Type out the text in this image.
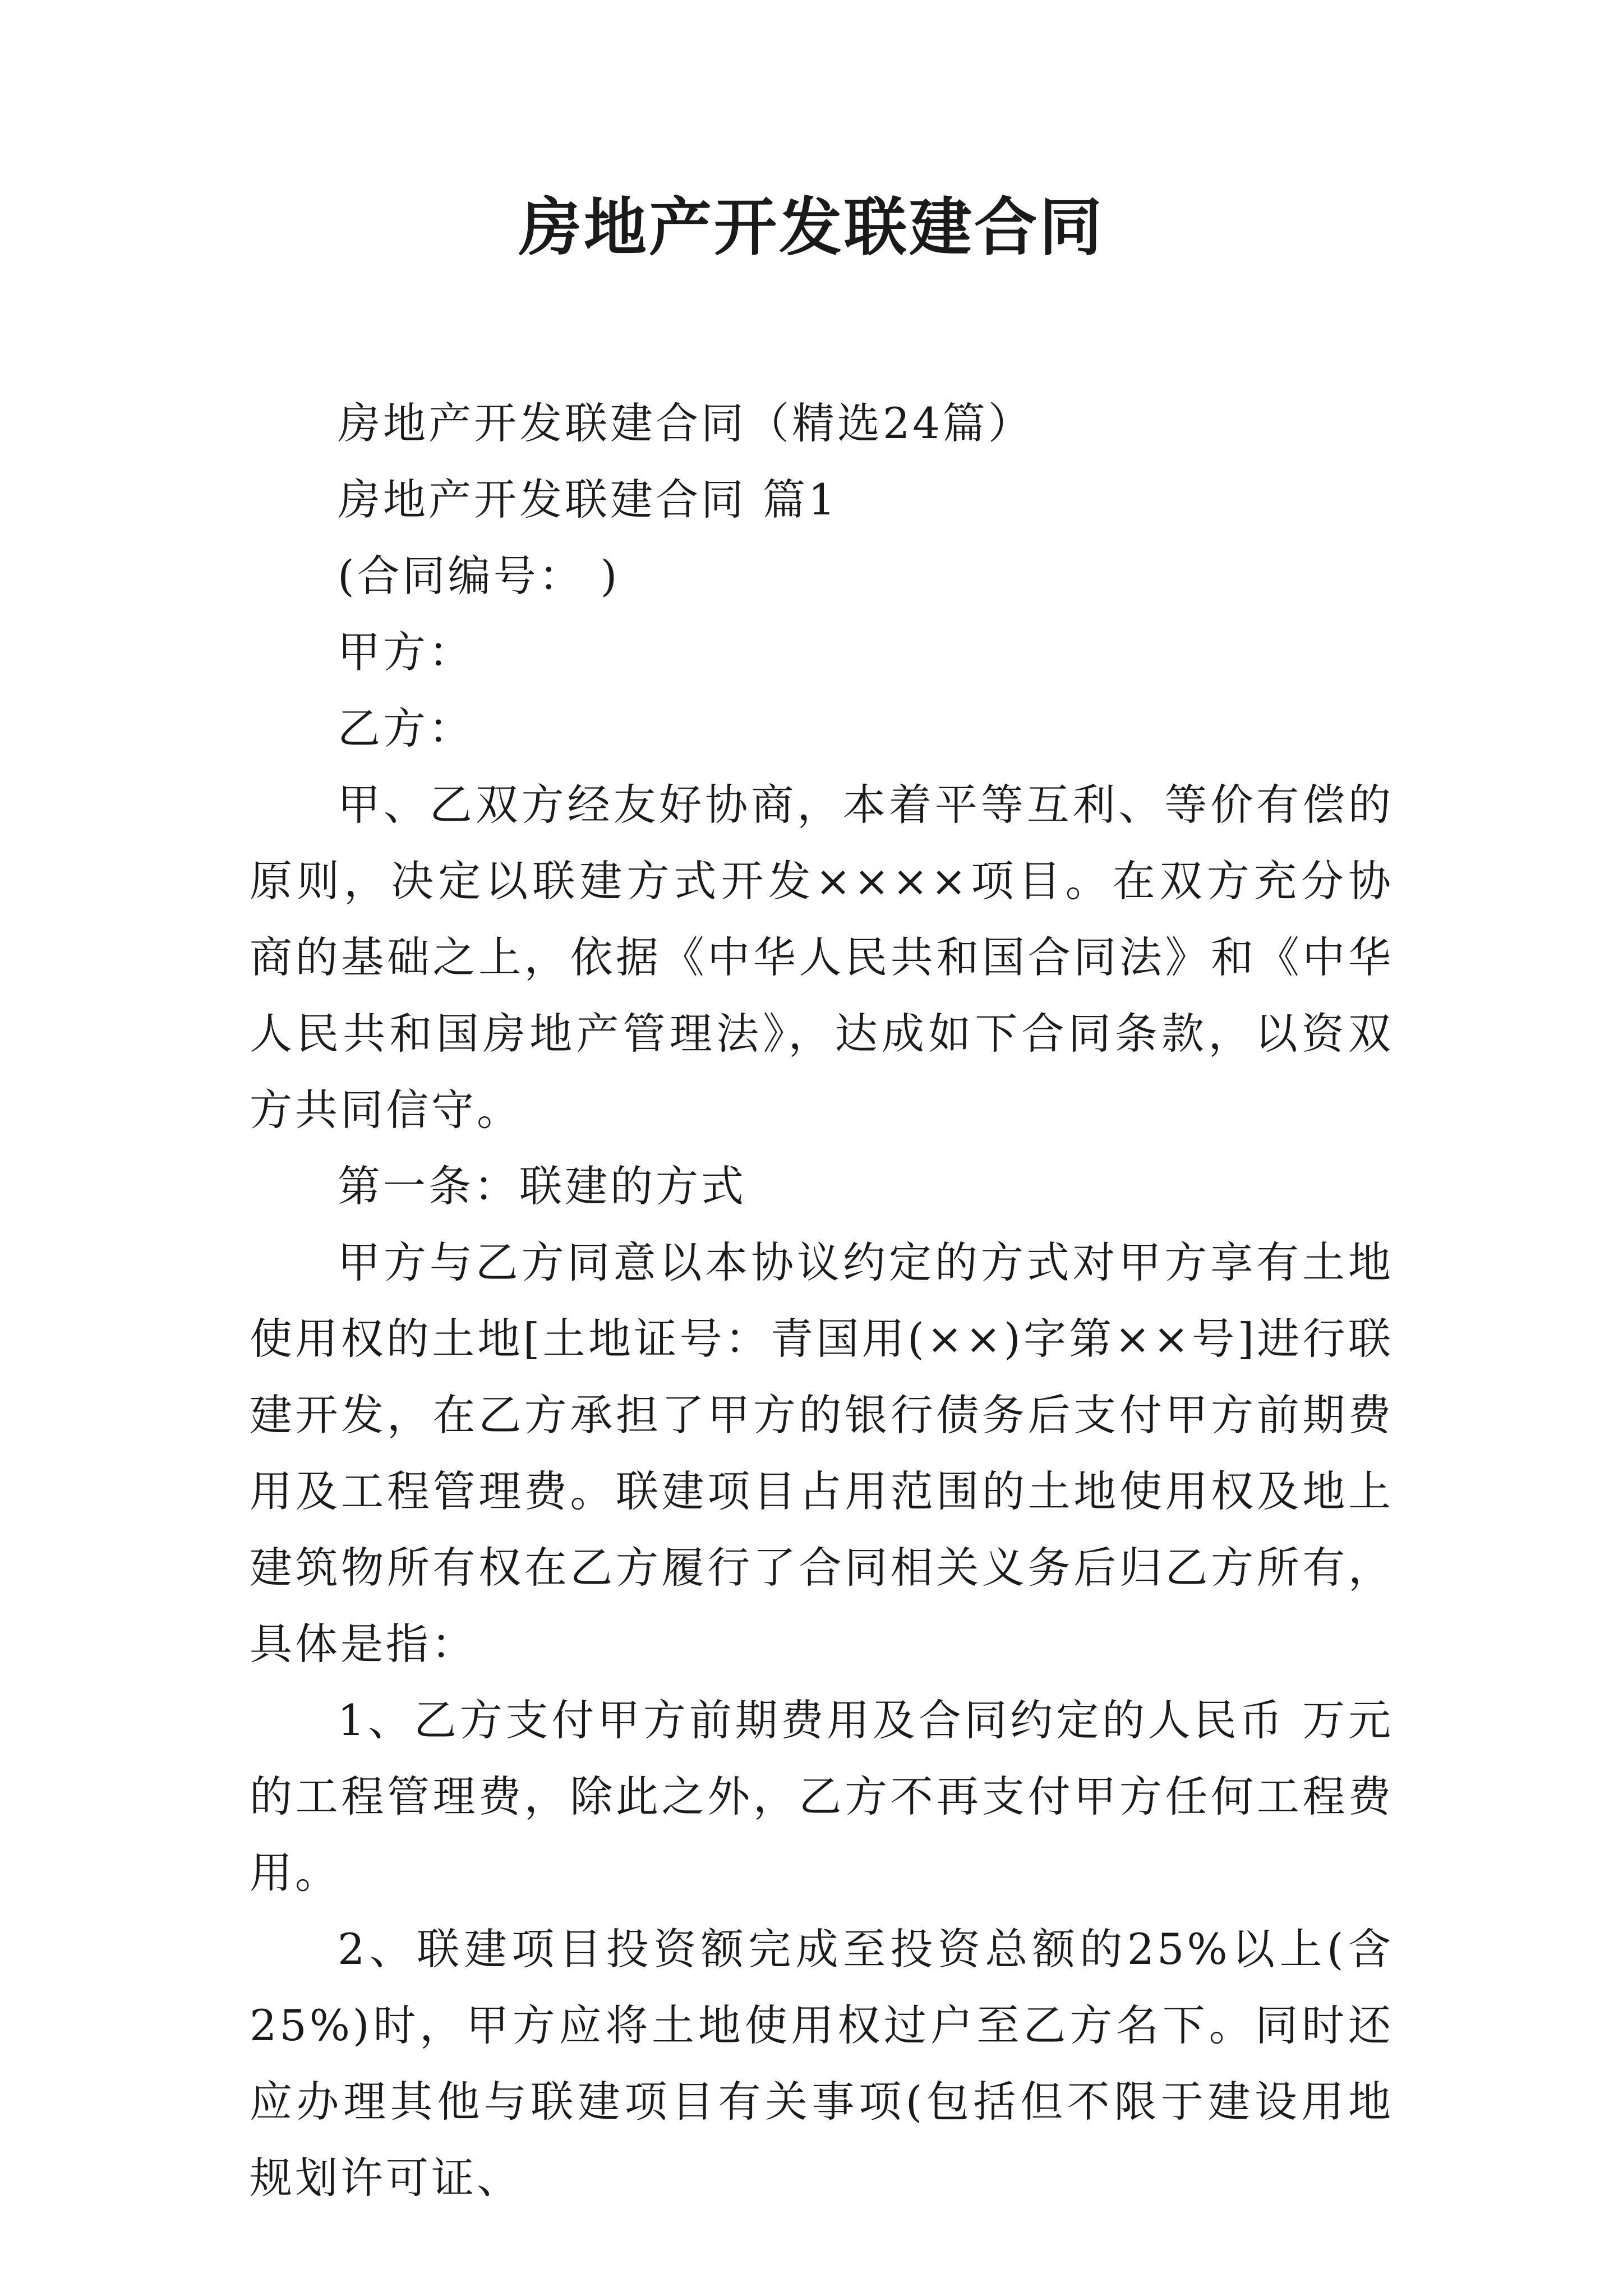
房地产开发联建合同

房地产开发联建合同（精选24篇）

房地产开发联建合同 篇1

(合同编号： )

甲方：

乙方：

甲、乙双方经友好协商，本着平等互利、等价有偿的原则，决定以联建方式开发××××项目。在双方充分协商的基础之上，依据《中华人民共和国合同法》和《中华人民共和国房地产管理法》，达成如下合同条款，以资双方共同信守。

第一条：联建的方式

甲方与乙方同意以本协议约定的方式对甲方享有土地使用权的土地[土地证号：青国用(××)字第××号]进行联建开发，在乙方承担了甲方的银行债务后支付甲方前期费用及工程管理费。联建项目占用范围的土地使用权及地上建筑物所有权在乙方履行了合同相关义务后归乙方所有，具体是指：

1、乙方支付甲方前期费用及合同约定的人民币 万元的工程管理费，除此之外，乙方不再支付甲方任何工程费用。

2、联建项目投资额完成至投资总额的25%以上(含25%)时，甲方应将土地使用权过户至乙方名下。同时还应办理其他与联建项目有关事项(包括但不限于建设用地规划许可证、
